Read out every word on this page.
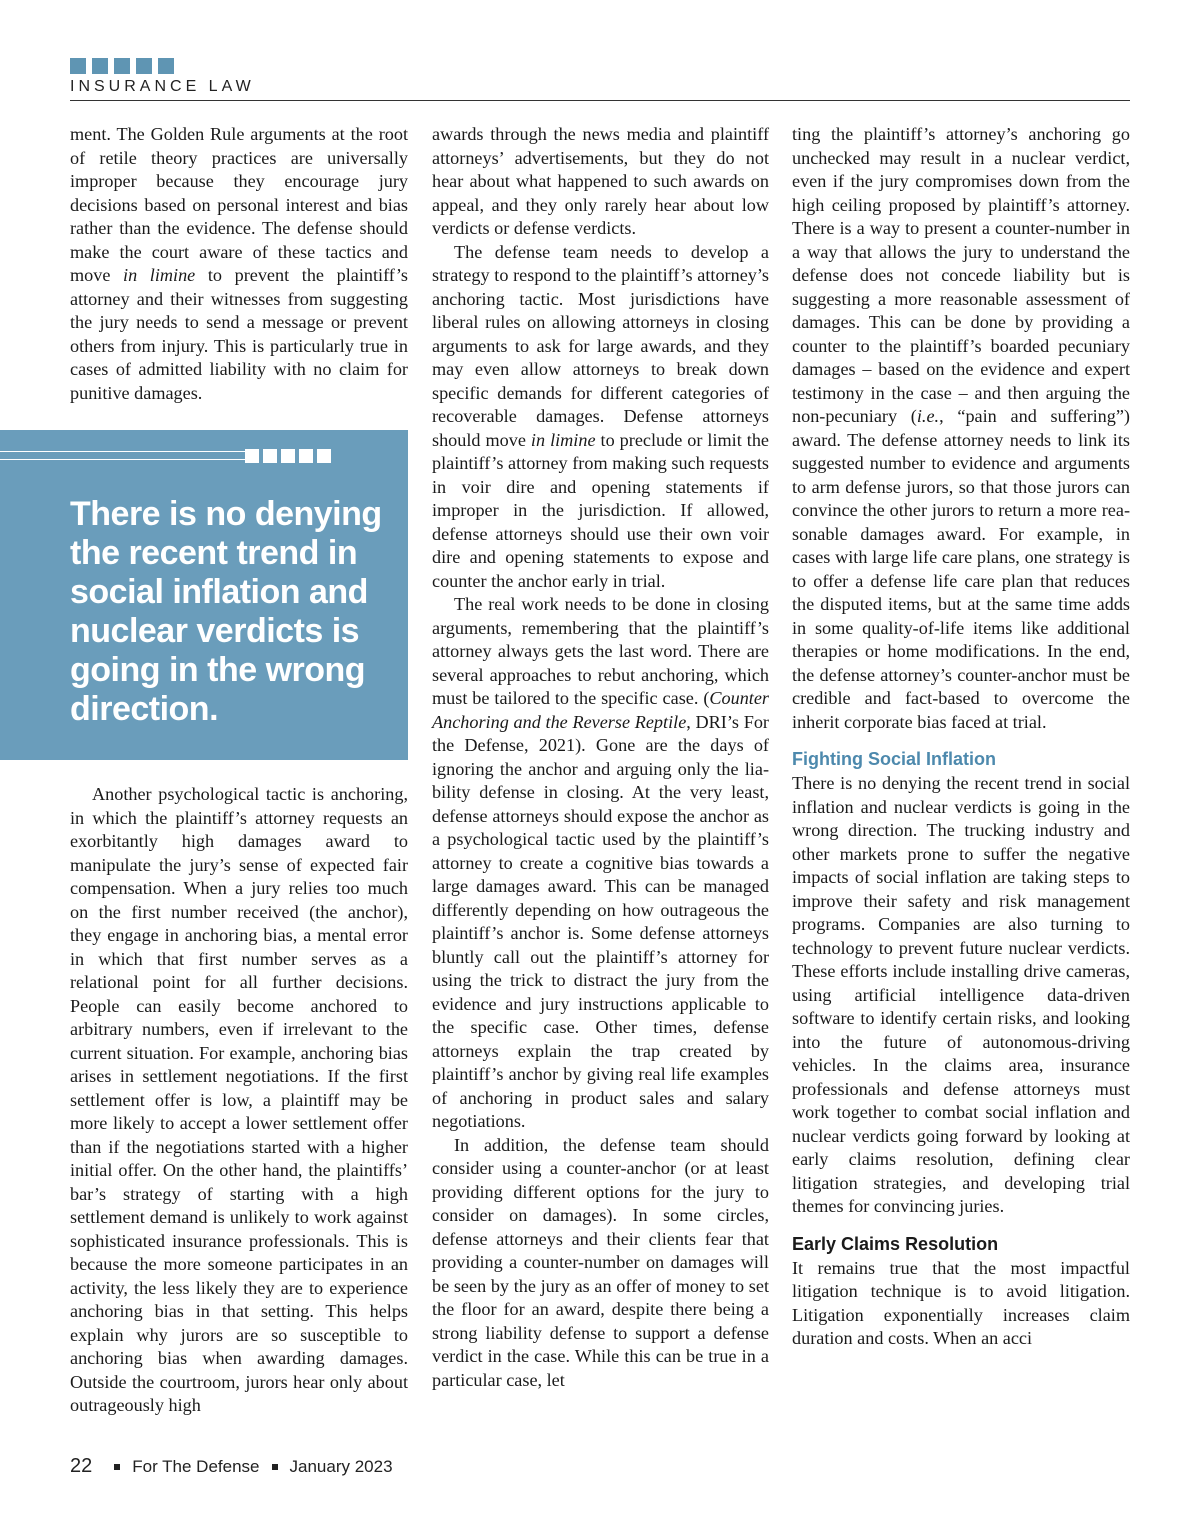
INSURANCE LAW

ment. The Golden Rule arguments at the root of retile theory practices are universally improper because they encourage jury decisions based on personal interest and bias rather than the evidence. The defense should make the court aware of these tactics and move in limine to prevent the plaintiff’s attorney and their witnesses from suggesting the jury needs to send a message or prevent others from injury. This is particularly true in cases of admitted liability with no claim for punitive damages.

There is no denying the recent trend in social inflation and nuclear verdicts is going in the wrong direction.

Another psychological tactic is anchoring, in which the plaintiff’s attorney requests an exorbitantly high damages award to manipulate the jury’s sense of expected fair compensation. When a jury relies too much on the first number received (the anchor), they engage in anchoring bias, a mental error in which that first number serves as a relational point for all further decisions. People can easily become anchored to arbitrary numbers, even if irrelevant to the current situation. For example, anchoring bias arises in settlement negotiations. If the first settlement offer is low, a plaintiff may be more likely to accept a lower settlement offer than if the negotiations started with a higher initial offer. On the other hand, the plaintiffs’ bar’s strategy of starting with a high settlement demand is unlikely to work against sophisticated insurance professionals. This is because the more someone participates in an activity, the less likely they are to experience anchoring bias in that setting. This helps explain why jurors are so susceptible to anchoring bias when awarding damages. Outside the courtroom, jurors hear only about outrageously high

awards through the news media and plaintiff attorneys’ advertisements, but they do not hear about what happened to such awards on appeal, and they only rarely hear about low verdicts or defense verdicts.

The defense team needs to develop a strategy to respond to the plaintiff’s attorney’s anchoring tactic. Most jurisdictions have liberal rules on allowing attorneys in closing arguments to ask for large awards, and they may even allow attorneys to break down specific demands for different categories of recoverable damages. Defense attorneys should move in limine to preclude or limit the plaintiff’s attorney from making such requests in voir dire and opening statements if improper in the jurisdiction. If allowed, defense attorneys should use their own voir dire and opening statements to expose and counter the anchor early in trial.

The real work needs to be done in closing arguments, remembering that the plaintiff’s attorney always gets the last word. There are several approaches to rebut anchoring, which must be tailored to the specific case. (Counter Anchoring and the Reverse Reptile, DRI’s For the Defense, 2021). Gone are the days of ignoring the anchor and arguing only the liability defense in closing. At the very least, defense attorneys should expose the anchor as a psychological tactic used by the plaintiff’s attorney to create a cognitive bias towards a large damages award. This can be managed differently depending on how outrageous the plaintiff’s anchor is. Some defense attorneys bluntly call out the plaintiff’s attorney for using the trick to distract the jury from the evidence and jury instructions applicable to the specific case. Other times, defense attorneys explain the trap created by plaintiff’s anchor by giving real life examples of anchoring in product sales and salary negotiations.

In addition, the defense team should consider using a counter-anchor (or at least providing different options for the jury to consider on damages). In some circles, defense attorneys and their clients fear that providing a counter-number on damages will be seen by the jury as an offer of money to set the floor for an award, despite there being a strong liability defense to support a defense verdict in the case. While this can be true in a particular case, let

ting the plaintiff’s attorney’s anchoring go unchecked may result in a nuclear verdict, even if the jury compromises down from the high ceiling proposed by plaintiff’s attorney. There is a way to present a counter-number in a way that allows the jury to understand the defense does not concede liability but is suggesting a more reasonable assessment of damages. This can be done by providing a counter to the plaintiff’s boarded pecuniary damages – based on the evidence and expert testimony in the case – and then arguing the non-pecuniary (i.e., “pain and suffering”) award. The defense attorney needs to link its suggested number to evidence and arguments to arm defense jurors, so that those jurors can convince the other jurors to return a more reasonable damages award. For example, in cases with large life care plans, one strategy is to offer a defense life care plan that reduces the disputed items, but at the same time adds in some quality-of-life items like additional therapies or home modifications. In the end, the defense attorney’s counter-anchor must be credible and fact-based to overcome the inherit corporate bias faced at trial.

Fighting Social Inflation

There is no denying the recent trend in social inflation and nuclear verdicts is going in the wrong direction. The trucking industry and other markets prone to suffer the negative impacts of social inflation are taking steps to improve their safety and risk management programs. Companies are also turning to technology to prevent future nuclear verdicts. These efforts include installing drive cameras, using artificial intelligence data-driven software to identify certain risks, and looking into the future of autonomous-driving vehicles. In the claims area, insurance professionals and defense attorneys must work together to combat social inflation and nuclear verdicts going forward by looking at early claims resolution, defining clear litigation strategies, and developing trial themes for convincing juries.

Early Claims Resolution

It remains true that the most impactful litigation technique is to avoid litigation. Litigation exponentially increases claim duration and costs. When an acci

22 For The Defense January 2023
